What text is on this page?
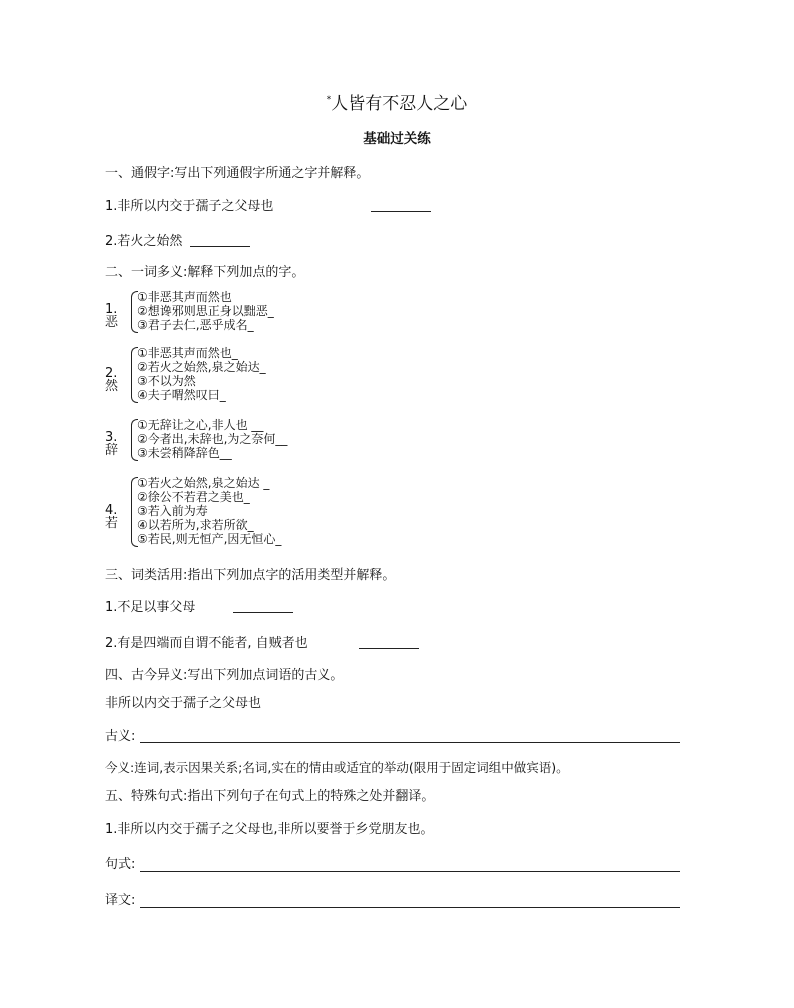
*人皆有不忍人之心
基础过关练
一、通假字:写出下列通假字所通之字并解释。
1.非所以内交于孺子之父母也
2.若火之始然
二、一词多义:解释下列加点的字。
1.恶
①非恶其声而然也
②想谗邪则思正身以黜恶_
③君子去仁,恶乎成名_
2.然
①非恶其声而然也_
②若火之始然,泉之始达_
③不以为然
④夫子喟然叹曰_
3.辞
①无辞让之心,非人也 __
②今者出,未辞也,为之奈何__
③未尝稍降辞色__
4.若
①若火之始然,泉之始达 _
②徐公不若君之美也_
③若入前为寿
④以若所为,求若所欲_
⑤若民,则无恒产,因无恒心_
三、词类活用:指出下列加点字的活用类型并解释。
1.不足以事父母
2.有是四端而自谓不能者, 自贼者也
四、古今异义:写出下列加点词语的古义。
非所以内交于孺子之父母也
古义:
今义:连词,表示因果关系;名词,实在的情由或适宜的举动(限用于固定词组中做宾语)。
五、特殊句式:指出下列句子在句式上的特殊之处并翻译。
1.非所以内交于孺子之父母也,非所以要誉于乡党朋友也。
句式:
译文:
